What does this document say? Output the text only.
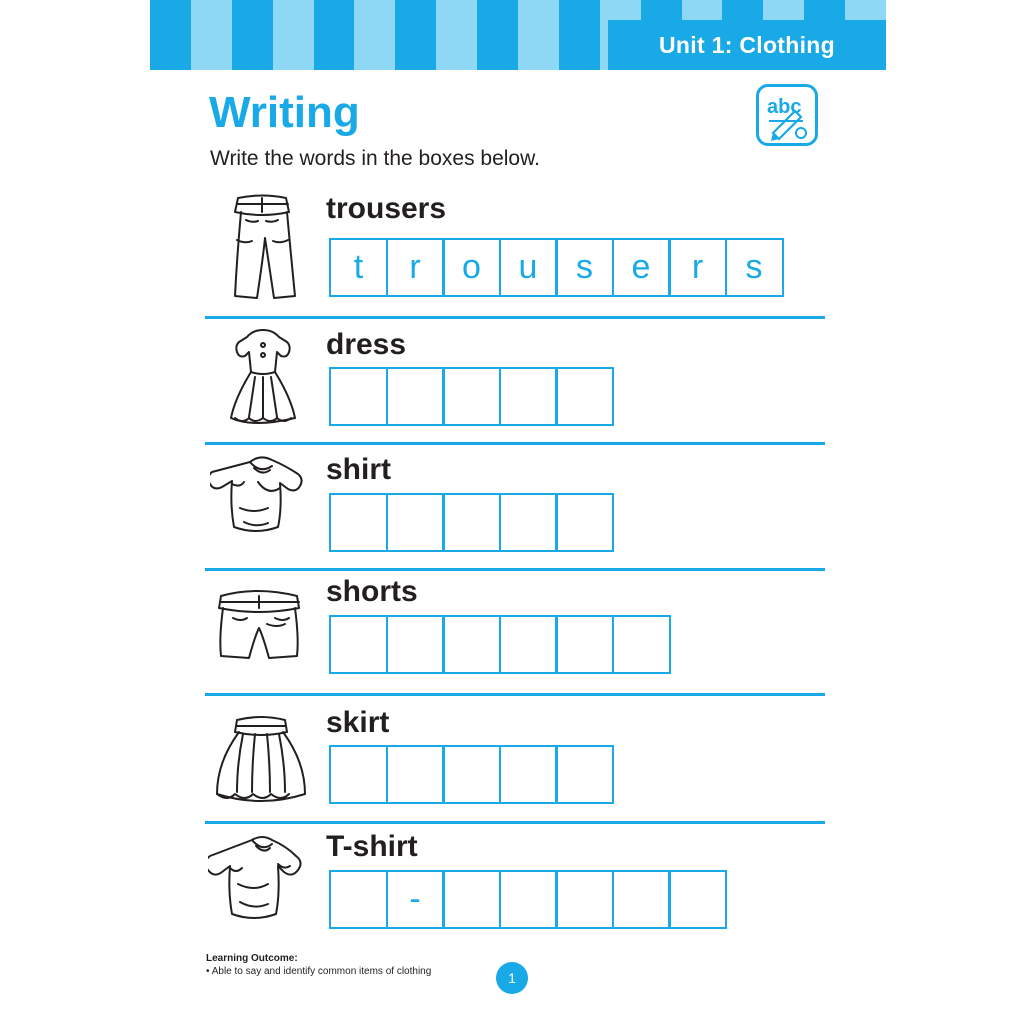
Unit 1: Clothing
Writing
Write the words in the boxes below.
abc
trousers
t	r	o	u	s	e	r	s
dress
shirt
shorts
skirt
T-shirt
-
Learning Outcome:
• Able to say and identify common items of clothing	1
